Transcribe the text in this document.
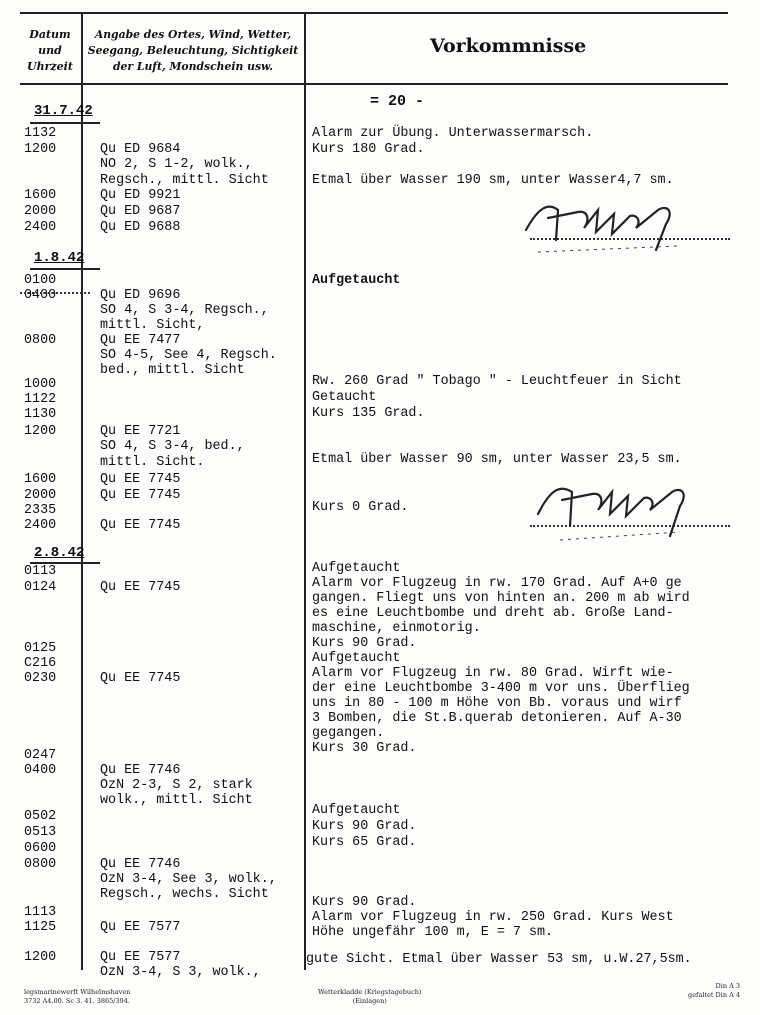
Datum
und
Uhrzeit
Angabe des Ortes, Wind, Wetter,
Seegang, Beleuchtung, Sichtigkeit
der Luft, Mondschein usw.
Vorkommnisse
= 20 -
31.7.42
1.8.42
2.8.42

1132

1200

1600

2000

2400

0100

0400

0800

1000

1122

1130

1200

1600

2000

2335

2400

0113

0124

0125

C216

0230

0247

0400

0502

0513

0600

0800

1113

1125

1200

Qu ED 9684

NO 2, S 1-2, wolk.,

Regsch., mittl. Sicht

Qu ED 9921

Qu ED 9687

Qu ED 9688

Qu ED 9696

SO 4, S 3-4, Regsch.,

mittl. Sicht,

Qu EE 7477

SO 4-5, See 4, Regsch.

bed., mittl. Sicht

Qu EE 7721

SO 4, S 3-4, bed.,

mittl. Sicht.

Qu EE 7745

Qu EE 7745

Qu EE 7745

Qu EE 7745

Qu EE 7745

Qu EE 7746

OzN 2-3, S 2, stark

wolk., mittl. Sicht

Qu EE 7746

OzN 3-4, See 3, wolk.,

Regsch., wechs. Sicht

Qu EE 7577

Qu EE 7577

OzN 3-4, S 3, wolk.,

Alarm zur Übung. Unterwassermarsch.

Kurs 180 Grad.

Etmal über Wasser 190 sm, unter Wasser4,7 sm.

Aufgetaucht

Rw. 260 Grad " Tobago " - Leuchtfeuer in Sicht

Getaucht

Kurs 135 Grad.

Etmal über Wasser 90 sm, unter Wasser 23,5 sm.

Kurs 0 Grad.

Aufgetaucht

Alarm vor Flugzeug in rw. 170 Grad. Auf A+0 ge

gangen. Fliegt uns von hinten an. 200 m ab wird

es eine Leuchtbombe und dreht ab. Große Land-

maschine, einmotorig.

Kurs 90 Grad.

Aufgetaucht

Alarm vor Flugzeug in rw. 80 Grad. Wirft wie-

der eine Leuchtbombe 3-400 m vor uns. Überflieg

uns in 80 - 100 m Höhe von Bb. voraus und wirf

3 Bomben, die St.B.querab detonieren. Auf A-30

gegangen.

Kurs 30 Grad.

Aufgetaucht

Kurs 90 Grad.

Kurs 65 Grad.

Kurs 90 Grad.

Alarm vor Flugzeug in rw. 250 Grad. Kurs West

Höhe ungefähr 100 m, E = 7 sm.

gute Sicht. Etmal über Wasser 53 sm, u.W.27,5sm.

legsmarinewerft Wilhelmshaven
3732 A4.00. Sc 3. 41. 3865/394.
Wetterkladde (Kriegstagebuch)
(Einlagen)
Din A 3
gefaltet Din A 4
